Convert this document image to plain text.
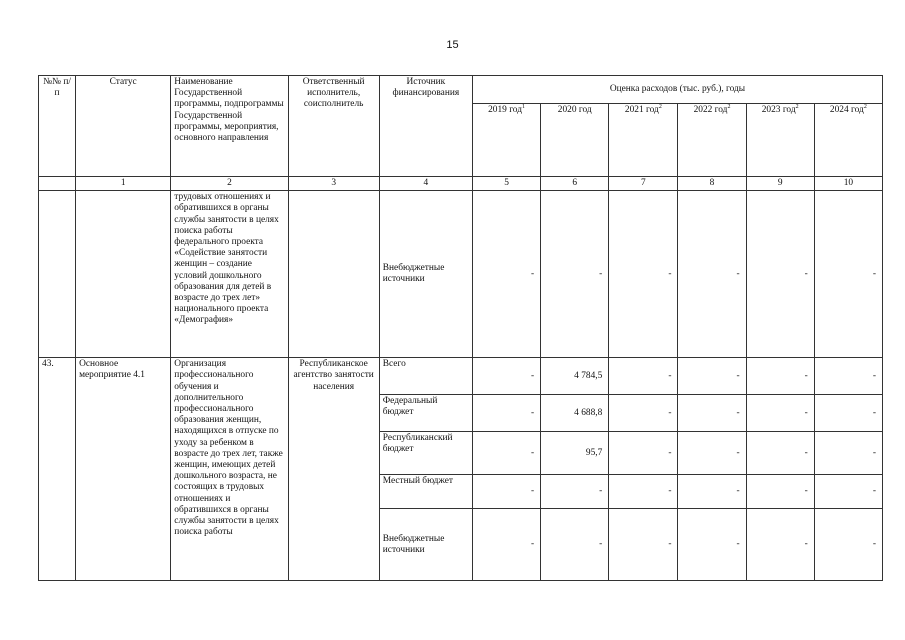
15
№№ п/п	Статус	Наименование Государственной программы, подпрограммы Государственной программы, мероприятия, основного направления	Ответственный исполнитель, соисполнитель	Источник финансирования	Оценка расходов (тыс. руб.), годы					
					2019 год$^1$	2020 год	2021 год$^2$	2022 год$^2$	2023 год$^2$	2024 год$^2$
	1	2	3	4	5	6	7	8	9	10
		трудовых отношениях и обратившихся в органы службы занятости в целях поиска работы федерального проекта «Содействие занятости женщин – создание условий дошкольного образования для детей в возрасте до трех лет» национального проекта «Демография»		Внебюджетные источники	-	-	-	-	-	-
43.	Основное мероприятие 4.1	Организация профессионального обучения и дополнительного профессионального образования женщин, находящихся в отпуске по уходу за ребенком в возрасте до трех лет, также женщин, имеющих детей дошкольного возраста, не состоящих в трудовых отношениях и обратившихся в органы службы занятости в целях поиска работы	Республиканское агентство занятости населения	Всего	-	4 784,5	-	-	-	-
				Федеральный бюджет	-	4 688,8	-	-	-	-
				Республиканский бюджет	-	95,7	-	-	-	-
				Местный бюджет	-	-	-	-	-	-
				Внебюджетные источники	-	-	-	-	-	-
